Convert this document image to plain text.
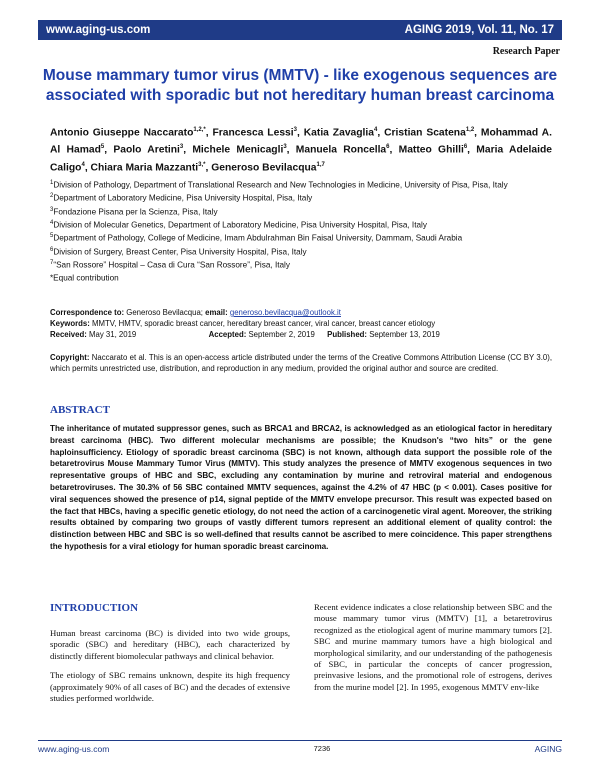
www.aging-us.com	AGING 2019, Vol. 11, No. 17
Research Paper
Mouse mammary tumor virus (MMTV) - like exogenous sequences are associated with sporadic but not hereditary human breast carcinoma
Antonio Giuseppe Naccarato$^{1,2,*}$, Francesca Lessi$^3$, Katia Zavaglia$^4$, Cristian Scatena$^{1,2}$, Mohammad A. Al Hamad$^5$, Paolo Aretini$^3$, Michele Menicagli$^3$, Manuela Roncella$^6$, Matteo Ghilli$^6$, Maria Adelaide Caligo$^4$, Chiara Maria Mazzanti$^{3,*}$, Generoso Bevilacqua$^{1,7}$

$^1$Division of Pathology, Department of Translational Research and New Technologies in Medicine, University of Pisa, Pisa, Italy

$^2$Department of Laboratory Medicine, Pisa University Hospital, Pisa, Italy

$^3$Fondazione Pisana per la Scienza, Pisa, Italy

$^4$Division of Molecular Genetics, Department of Laboratory Medicine, Pisa University Hospital, Pisa, Italy

$^5$Department of Pathology, College of Medicine, Imam Abdulrahman Bin Faisal University, Dammam, Saudi Arabia

$^6$Division of Surgery, Breast Center, Pisa University Hospital, Pisa, Italy

$^7$“San Rossore” Hospital – Casa di Cura “San Rossore”, Pisa, Italy

*Equal contribution

Correspondence to: Generoso Bevilacqua; email: generoso.bevilacqua@outlook.it
Keywords: MMTV, HMTV, sporadic breast cancer, hereditary breast cancer, viral cancer, breast cancer etiology
Received: May 31, 2019	Accepted: September 2, 2019 Published: September 13, 2019
Copyright: Naccarato et al. This is an open-access article distributed under the terms of the Creative Commons Attribution License (CC BY 3.0), which permits unrestricted use, distribution, and reproduction in any medium, provided the original author and source are credited.
ABSTRACT
The inheritance of mutated suppressor genes, such as BRCA1 and BRCA2, is acknowledged as an etiological factor in hereditary breast carcinoma (HBC). Two different molecular mechanisms are possible; the Knudson's “two hits” or the gene haploinsufficiency. Etiology of sporadic breast carcinoma (SBC) is not known, although data support the possible role of the betaretrovirus Mouse Mammary Tumor Virus (MMTV). This study analyzes the presence of MMTV exogenous sequences in two representative groups of HBC and SBC, excluding any contamination by murine and retroviral material and endogenous betaretroviruses. The 30.3% of 56 SBC contained MMTV sequences, against the 4.2% of 47 HBC (p < 0.001). Cases positive for viral sequences showed the presence of p14, signal peptide of the MMTV envelope precursor. This result was expected based on the fact that HBCs, having a specific genetic etiology, do not need the action of a carcinogenetic viral agent. Moreover, the striking results obtained by comparing two groups of vastly different tumors represent an additional element of quality control: the distinction between HBC and SBC is so well-defined that results cannot be ascribed to mere coincidence. This paper strengthens the hypothesis for a viral etiology for human sporadic breast carcinoma.
INTRODUCTION

Human breast carcinoma (BC) is divided into two wide groups, sporadic (SBC) and hereditary (HBC), each characterized by distinctly different biomolecular pathways and clinical behavior.

The etiology of SBC remains unknown, despite its high frequency (approximately 90% of all cases of BC) and the decades of extensive studies performed worldwide.

Recent evidence indicates a close relationship between SBC and the mouse mammary tumor virus (MMTV) [1], a betaretrovirus recognized as the etiological agent of murine mammary tumors [2]. SBC and murine mammary tumors have a high biological and morphological similarity, and our understanding of the pathogenesis of SBC, in particular the concepts of cancer progression, preinvasive lesions, and the promotional role of estrogens, derives from the murine model [2]. In 1995, exogenous MMTV env-like

www.aging-us.com	7236	AGING
